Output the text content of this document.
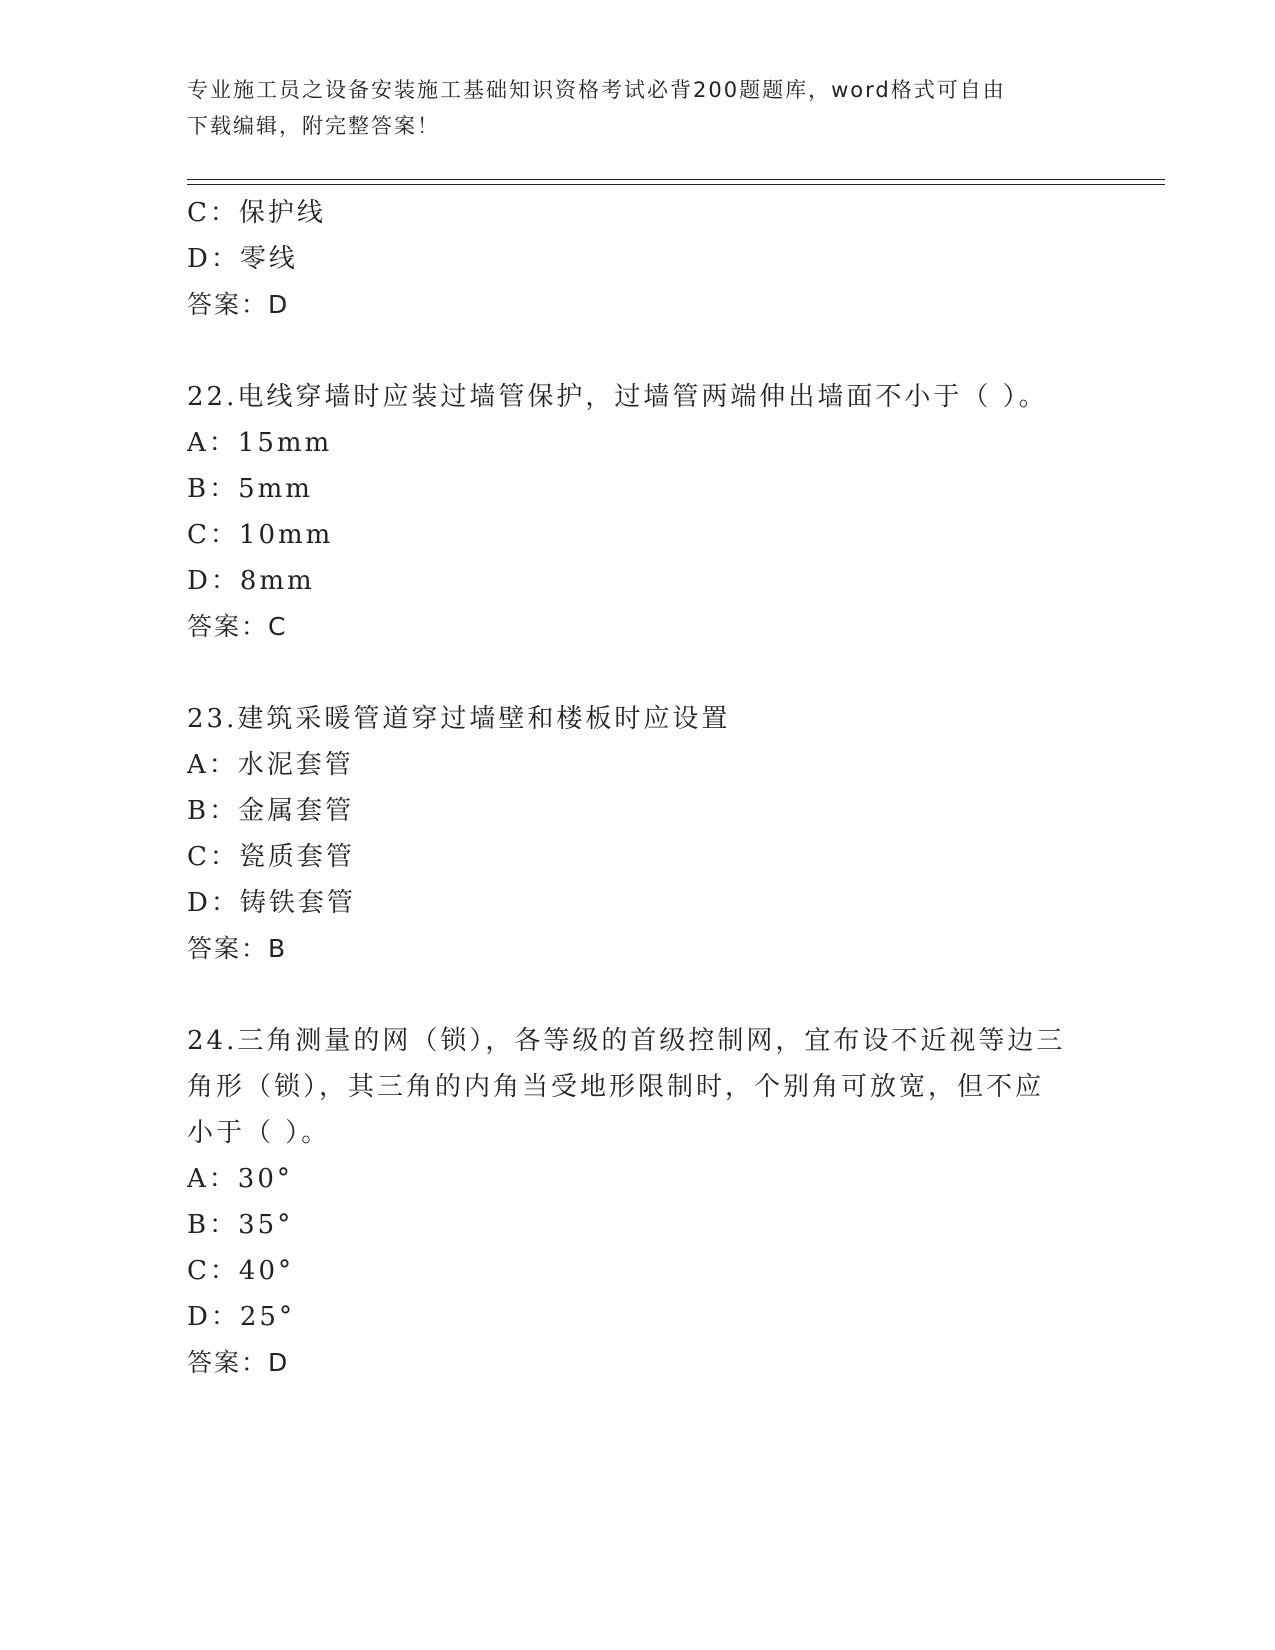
专业施工员之设备安装施工基础知识资格考试必背200题题库，word格式可自由
下载编辑，附完整答案！
C：保护线
D：零线
答案：D
22.电线穿墙时应装过墙管保护，过墙管两端伸出墙面不小于（ ）。
A：15mm
B：5mm
C：10mm
D：8mm
答案：C
23.建筑采暖管道穿过墙壁和楼板时应设置
A：水泥套管
B：金属套管
C：瓷质套管
D：铸铁套管
答案：B
24.三角测量的网（锁），各等级的首级控制网，宜布设不近视等边三
角形（锁），其三角的内角当受地形限制时，个别角可放宽，但不应
小于（ ）。
A：30°
B：35°
C：40°
D：25°
答案：D
